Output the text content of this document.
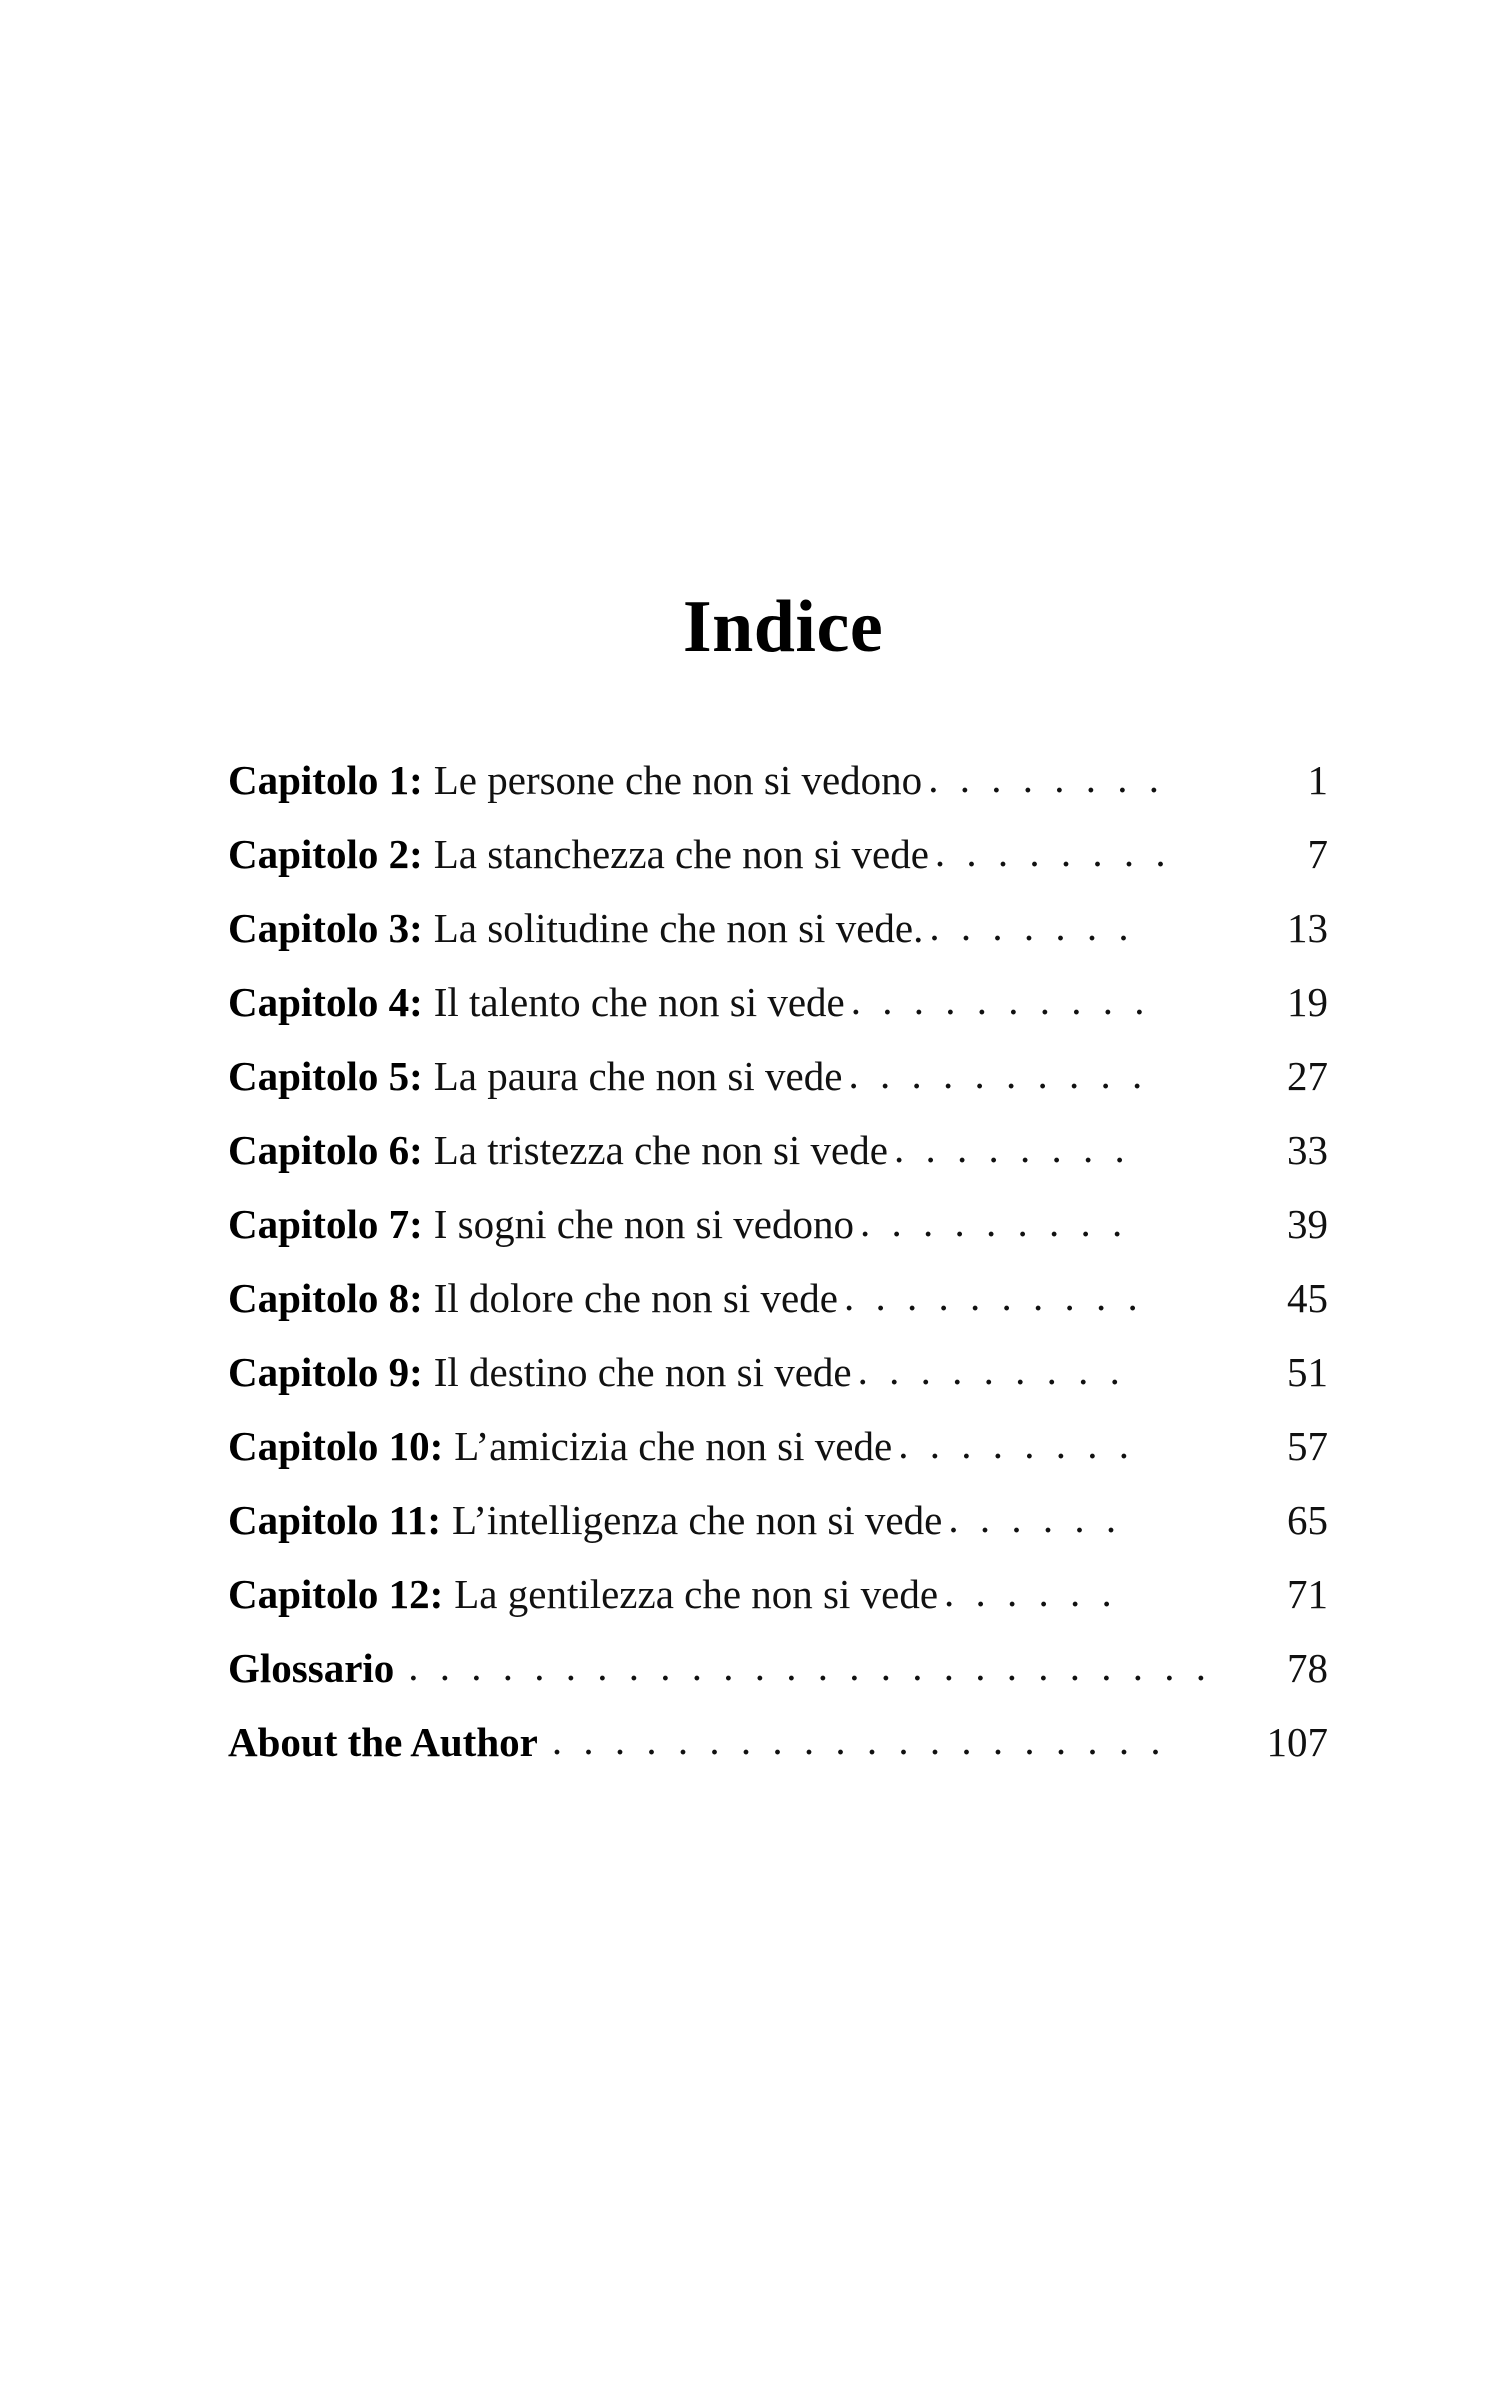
Indice
Capitolo 1: Le persone che non si vedono . . . . . . . .	1
Capitolo 2: La stanchezza che non si vede . . . . . . . .	7
Capitolo 3: La solitudine che non si vede. . . . . . . .	13
Capitolo 4: Il talento che non si vede . . . . . . . . . .	19
Capitolo 5: La paura che non si vede . . . . . . . . . .	27
Capitolo 6: La tristezza che non si vede . . . . . . . .	33
Capitolo 7: I sogni che non si vedono . . . . . . . . .	39
Capitolo 8: Il dolore che non si vede . . . . . . . . . .	45
Capitolo 9: Il destino che non si vede . . . . . . . . .	51
Capitolo 10: L’amicizia che non si vede . . . . . . . .	57
Capitolo 11: L’intelligenza che non si vede . . . . . .	65
Capitolo 12: La gentilezza che non si vede . . . . . .	71
Glossario . . . . . . . . . . . . . . . . . . . . . . . . . .	78
About the Author . . . . . . . . . . . . . . . . . . . .	107
